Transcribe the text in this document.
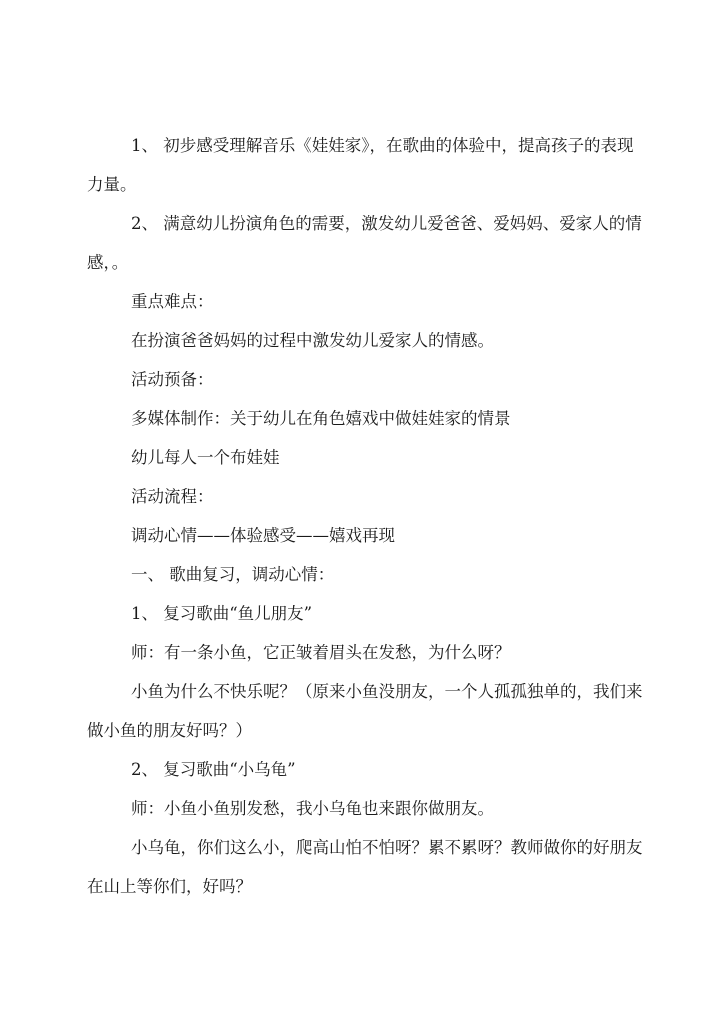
1、 初步感受理解音乐《娃娃家》，在歌曲的体验中，提高孩子的表现力量。

2、 满意幼儿扮演角色的需要，激发幼儿爱爸爸、爱妈妈、爱家人的情感，。

重点难点：

在扮演爸爸妈妈的过程中激发幼儿爱家人的情感。

活动预备：

多媒体制作：关于幼儿在角色嬉戏中做娃娃家的情景

幼儿每人一个布娃娃

活动流程：

调动心情——体验感受——嬉戏再现

一、 歌曲复习，调动心情：

1、 复习歌曲“鱼儿朋友”

师：有一条小鱼，它正皱着眉头在发愁，为什么呀？

小鱼为什么不快乐呢？（原来小鱼没朋友，一个人孤孤独单的，我们来做小鱼的朋友好吗？）

2、 复习歌曲“小乌龟”

师：小鱼小鱼别发愁，我小乌龟也来跟你做朋友。

小乌龟，你们这么小，爬高山怕不怕呀？累不累呀？教师做你的好朋友在山上等你们，好吗？
